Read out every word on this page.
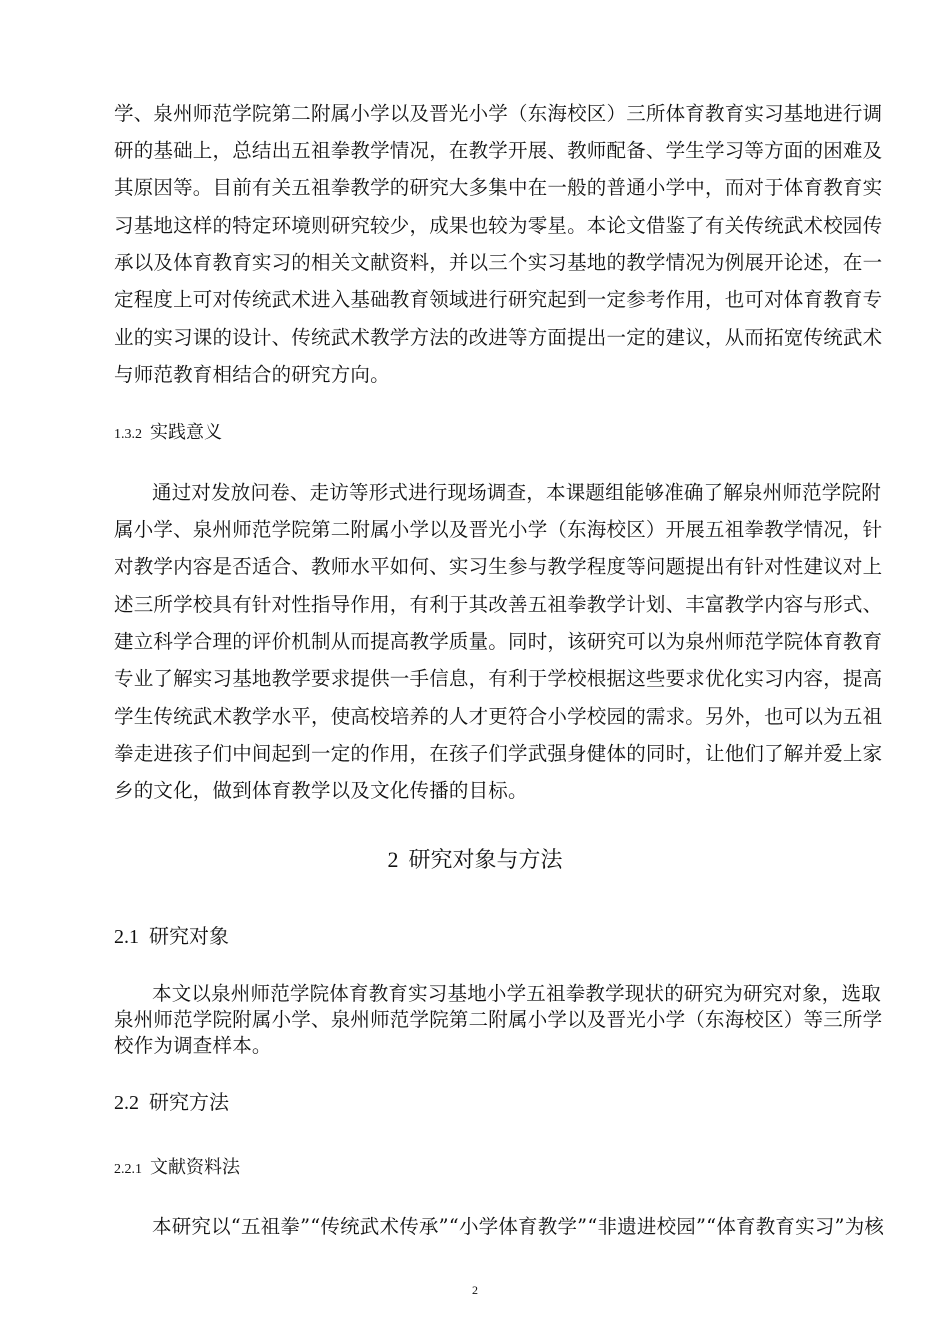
学、泉州师范学院第二附属小学以及晋光小学（东海校区）三所体育教育实习基地进行调
研的基础上，总结出五祖拳教学情况，在教学开展、教师配备、学生学习等方面的困难及
其原因等。目前有关五祖拳教学的研究大多集中在一般的普通小学中，而对于体育教育实
习基地这样的特定环境则研究较少，成果也较为零星。本论文借鉴了有关传统武术校园传
承以及体育教育实习的相关文献资料，并以三个实习基地的教学情况为例展开论述，在一
定程度上可对传统武术进入基础教育领域进行研究起到一定参考作用，也可对体育教育专
业的实习课的设计、传统武术教学方法的改进等方面提出一定的建议，从而拓宽传统武术
与师范教育相结合的研究方向。
1.3.2 实践意义
通过对发放问卷、走访等形式进行现场调查，本课题组能够准确了解泉州师范学院附
属小学、泉州师范学院第二附属小学以及晋光小学（东海校区）开展五祖拳教学情况，针
对教学内容是否适合、教师水平如何、实习生参与教学程度等问题提出有针对性建议对上
述三所学校具有针对性指导作用，有利于其改善五祖拳教学计划、丰富教学内容与形式、
建立科学合理的评价机制从而提高教学质量。同时，该研究可以为泉州师范学院体育教育
专业了解实习基地教学要求提供一手信息，有利于学校根据这些要求优化实习内容，提高
学生传统武术教学水平，使高校培养的人才更符合小学校园的需求。另外，也可以为五祖
拳走进孩子们中间起到一定的作用，在孩子们学武强身健体的同时，让他们了解并爱上家
乡的文化，做到体育教学以及文化传播的目标。
2 研究对象与方法
2.1 研究对象
本文以泉州师范学院体育教育实习基地小学五祖拳教学现状的研究为研究对象，选取
泉州师范学院附属小学、泉州师范学院第二附属小学以及晋光小学（东海校区）等三所学
校作为调查样本。
2.2 研究方法
2.2.1 文献资料法
本研究以“五祖拳”“传统武术传承”“小学体育教学”“非遗进校园”“体育教育实习”为核
2
